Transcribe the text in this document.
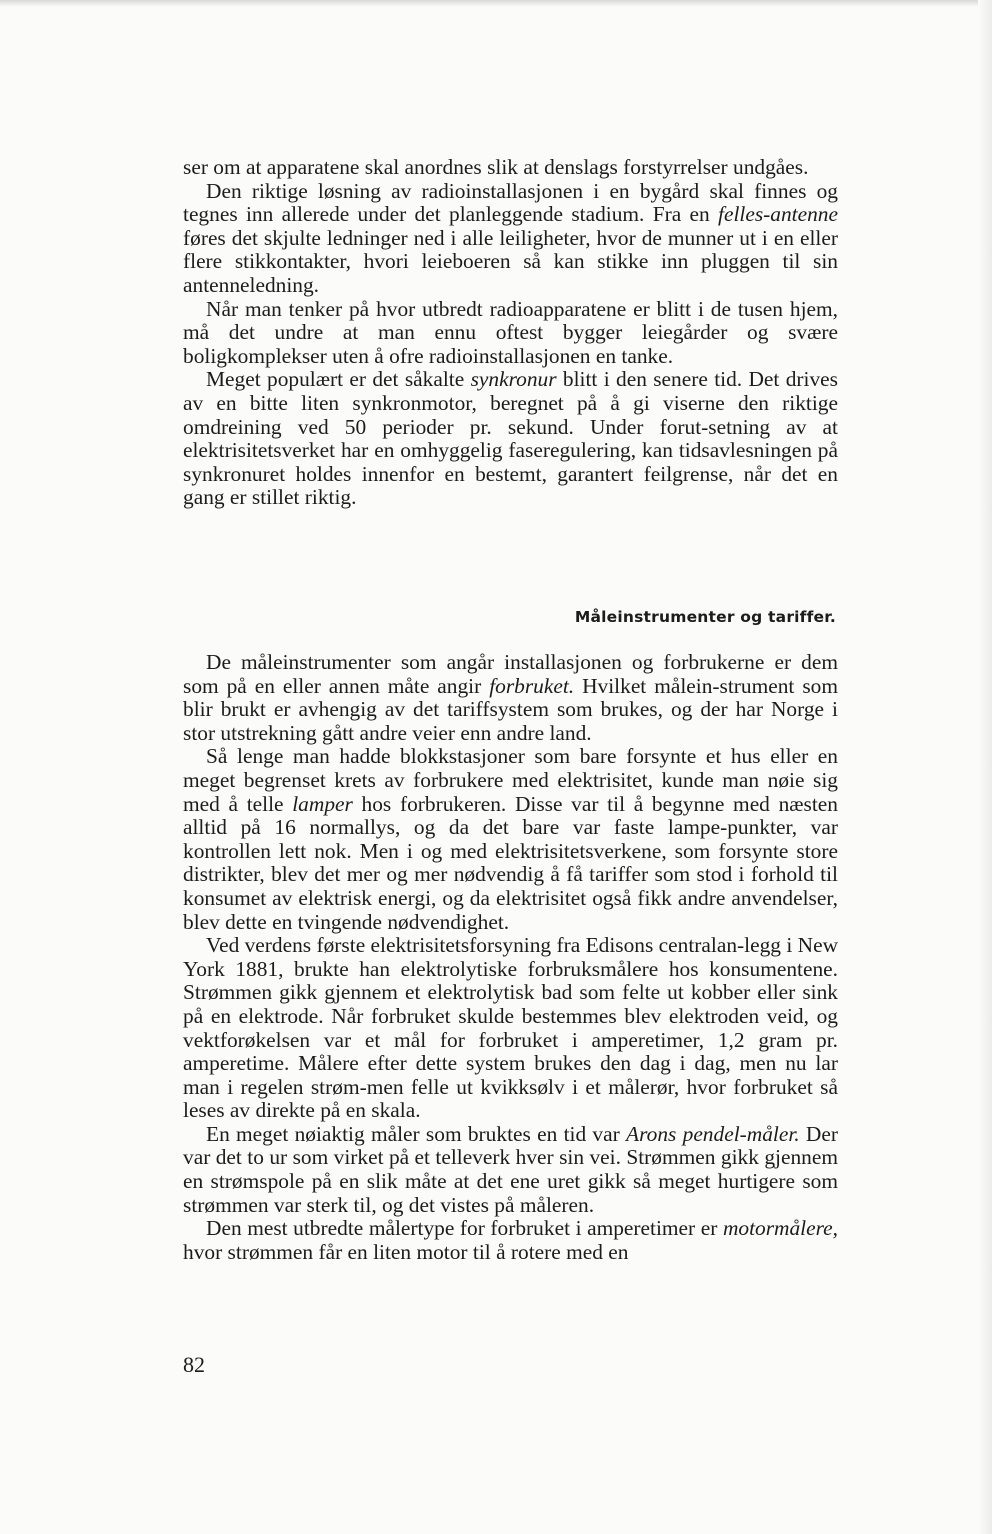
ser om at apparatene skal anordnes slik at denslags forstyrrelser undgåes.

Den riktige løsning av radioinstallasjonen i en bygård skal finnes og tegnes inn allerede under det planleggende stadium. Fra en felles-antenne føres det skjulte ledninger ned i alle leiligheter, hvor de munner ut i en eller flere stikkontakter, hvori leieboeren så kan stikke inn pluggen til sin antenneledning.

Når man tenker på hvor utbredt radioapparatene er blitt i de tusen hjem, må det undre at man ennu oftest bygger leiegårder og svære boligkomplekser uten å ofre radioinstallasjonen en tanke.

Meget populært er det såkalte synkronur blitt i den senere tid. Det drives av en bitte liten synkronmotor, beregnet på å gi viserne den riktige omdreining ved 50 perioder pr. sekund. Under forut-setning av at elektrisitetsverket har en omhyggelig faseregulering, kan tidsavlesningen på synkronuret holdes innenfor en bestemt, garantert feilgrense, når det en gang er stillet riktig.

Måleinstrumenter og tariffer.

De måleinstrumenter som angår installasjonen og forbrukerne er dem som på en eller annen måte angir forbruket. Hvilket målein-strument som blir brukt er avhengig av det tariffsystem som brukes, og der har Norge i stor utstrekning gått andre veier enn andre land.

Så lenge man hadde blokkstasjoner som bare forsynte et hus eller en meget begrenset krets av forbrukere med elektrisitet, kunde man nøie sig med å telle lamper hos forbrukeren. Disse var til å begynne med næsten alltid på 16 normallys, og da det bare var faste lampe-punkter, var kontrollen lett nok. Men i og med elektrisitetsverkene, som forsynte store distrikter, blev det mer og mer nødvendig å få tariffer som stod i forhold til konsumet av elektrisk energi, og da elektrisitet også fikk andre anvendelser, blev dette en tvingende nødvendighet.

Ved verdens første elektrisitetsforsyning fra Edisons centralan-legg i New York 1881, brukte han elektrolytiske forbruksmålere hos konsumentene. Strømmen gikk gjennem et elektrolytisk bad som felte ut kobber eller sink på en elektrode. Når forbruket skulde bestemmes blev elektroden veid, og vektforøkelsen var et mål for forbruket i amperetimer, 1,2 gram pr. amperetime. Målere efter dette system brukes den dag i dag, men nu lar man i regelen strøm-men felle ut kvikksølv i et målerør, hvor forbruket så leses av direkte på en skala.

En meget nøiaktig måler som bruktes en tid var Arons pendel-måler. Der var det to ur som virket på et telleverk hver sin vei. Strømmen gikk gjennem en strømspole på en slik måte at det ene uret gikk så meget hurtigere som strømmen var sterk til, og det vistes på måleren.

Den mest utbredte målertype for forbruket i amperetimer er motormålere, hvor strømmen får en liten motor til å rotere med en

82
